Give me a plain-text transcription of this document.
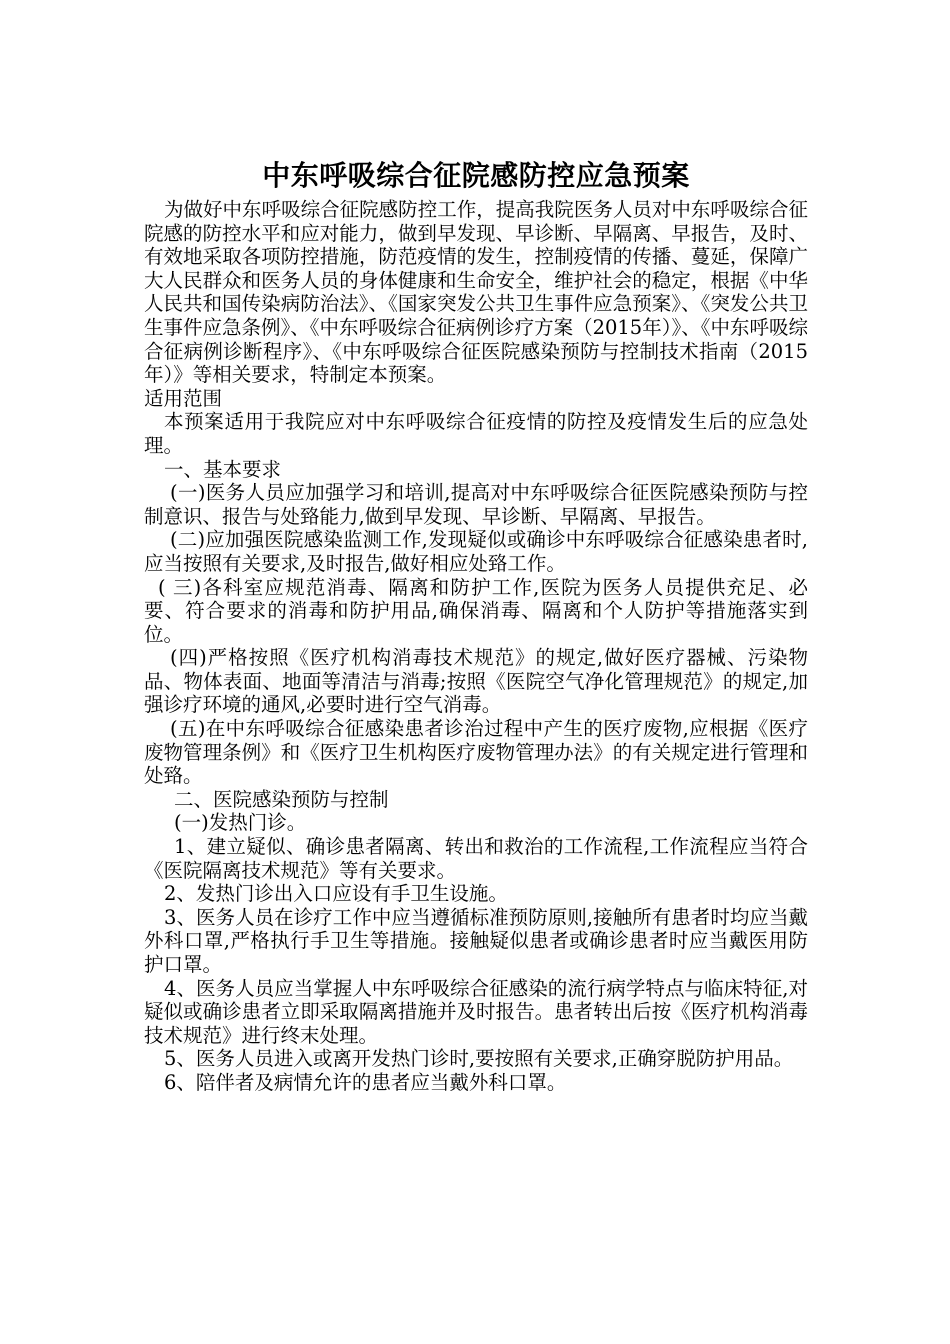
中东呼吸综合征院感防控应急预案

为做好中东呼吸综合征院感防控工作，提高我院医务人员对中东呼吸综合征院感的防控水平和应对能力，做到早发现、早诊断、早隔离、早报告，及时、有效地采取各项防控措施，防范疫情的发生，控制疫情的传播、蔓延，保障广大人民群众和医务人员的身体健康和生命安全，维护社会的稳定，根据《中华人民共和国传染病防治法》、《国家突发公共卫生事件应急预案》、《突发公共卫生事件应急条例》、《中东呼吸综合征病例诊疗方案（2015年）》、《中东呼吸综合征病例诊断程序》、《中东呼吸综合征医院感染预防与控制技术指南（2015年）》等相关要求，特制定本预案。

适用范围

本预案适用于我院应对中东呼吸综合征疫情的防控及疫情发生后的应急处理。

一、基本要求

(一)医务人员应加强学习和培训,提高对中东呼吸综合征医院感染预防与控制意识、报告与处臵能力,做到早发现、早诊断、早隔离、早报告。

(二)应加强医院感染监测工作,发现疑似或确诊中东呼吸综合征感染患者时,应当按照有关要求,及时报告,做好相应处臵工作。

( 三)各科室应规范消毒、隔离和防护工作,医院为医务人员提供充足、必要、符合要求的消毒和防护用品,确保消毒、隔离和个人防护等措施落实到位。

(四)严格按照《医疗机构消毒技术规范》的规定,做好医疗器械、污染物品、物体表面、地面等清洁与消毒;按照《医院空气净化管理规范》的规定,加强诊疗环境的通风,必要时进行空气消毒。

(五)在中东呼吸综合征感染患者诊治过程中产生的医疗废物,应根据《医疗废物管理条例》和《医疗卫生机构医疗废物管理办法》的有关规定进行管理和处臵。

二、医院感染预防与控制

(一)发热门诊。

1、建立疑似、确诊患者隔离、转出和救治的工作流程,工作流程应当符合《医院隔离技术规范》等有关要求。

2、发热门诊出入口应设有手卫生设施。

3、医务人员在诊疗工作中应当遵循标准预防原则,接触所有患者时均应当戴外科口罩,严格执行手卫生等措施。接触疑似患者或确诊患者时应当戴医用防护口罩。

4、医务人员应当掌握人中东呼吸综合征感染的流行病学特点与临床特征,对疑似或确诊患者立即采取隔离措施并及时报告。患者转出后按《医疗机构消毒技术规范》进行终末处理。

5、医务人员进入或离开发热门诊时,要按照有关要求,正确穿脱防护用品。

6、陪伴者及病情允许的患者应当戴外科口罩。
